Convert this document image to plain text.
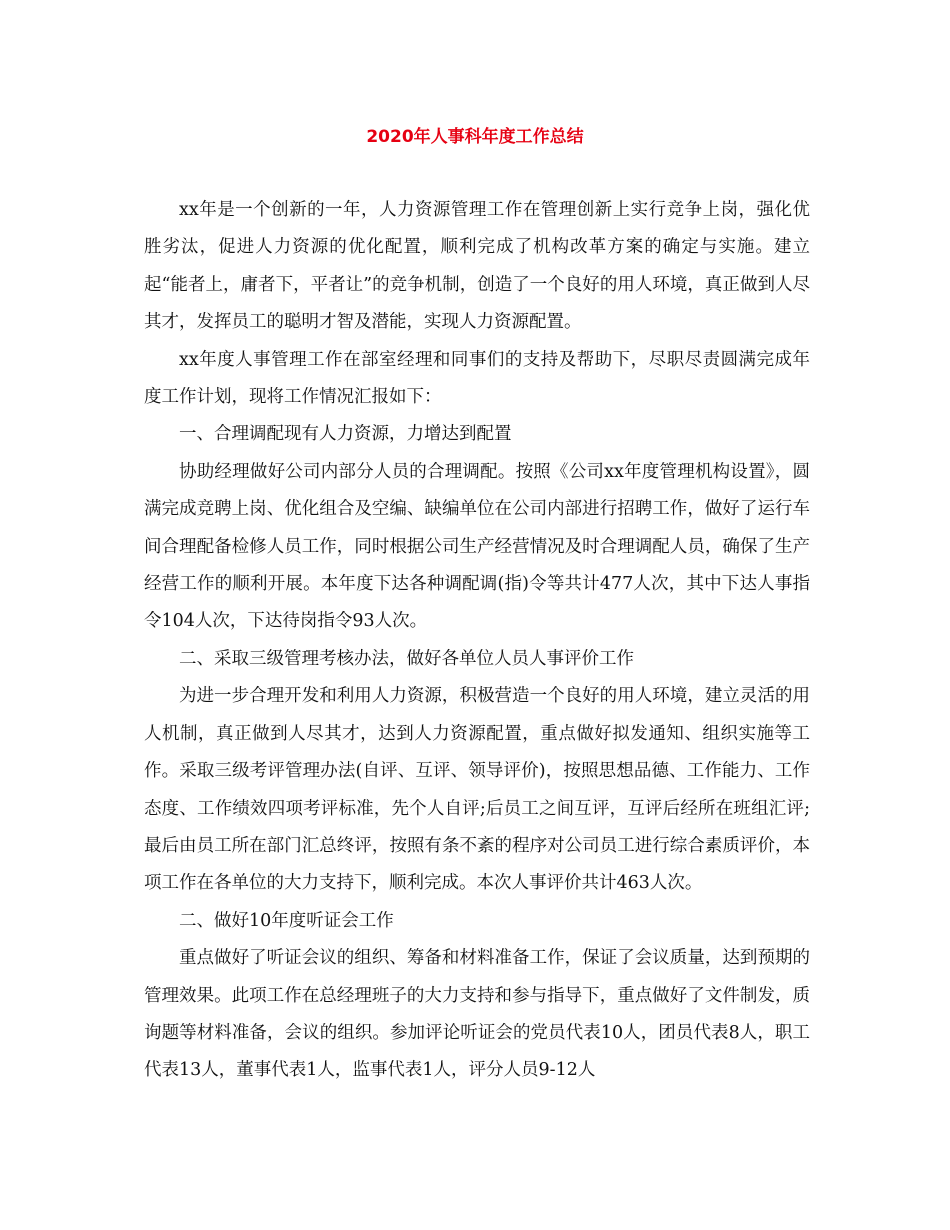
2020年人事科年度工作总结

xx年是一个创新的一年，人力资源管理工作在管理创新上实行竞争上岗，强化优胜劣汰，促进人力资源的优化配置，顺利完成了机构改革方案的确定与实施。建立起“能者上，庸者下，平者让”的竞争机制，创造了一个良好的用人环境，真正做到人尽其才，发挥员工的聪明才智及潜能，实现人力资源配置。

xx年度人事管理工作在部室经理和同事们的支持及帮助下，尽职尽责圆满完成年度工作计划，现将工作情况汇报如下：

一、合理调配现有人力资源，力增达到配置

协助经理做好公司内部分人员的合理调配。按照《公司xx年度管理机构设置》，圆满完成竞聘上岗、优化组合及空编、缺编单位在公司内部进行招聘工作，做好了运行车间合理配备检修人员工作，同时根据公司生产经营情况及时合理调配人员，确保了生产经营工作的顺利开展。本年度下达各种调配调(指)令等共计477人次，其中下达人事指令104人次，下达待岗指令93人次。

二、采取三级管理考核办法，做好各单位人员人事评价工作

为进一步合理开发和利用人力资源，积极营造一个良好的用人环境，建立灵活的用人机制，真正做到人尽其才，达到人力资源配置，重点做好拟发通知、组织实施等工作。采取三级考评管理办法(自评、互评、领导评价)，按照思想品德、工作能力、工作态度、工作绩效四项考评标准，先个人自评;后员工之间互评，互评后经所在班组汇评;最后由员工所在部门汇总终评，按照有条不紊的程序对公司员工进行综合素质评价，本项工作在各单位的大力支持下，顺利完成。本次人事评价共计463人次。

二、做好10年度听证会工作

重点做好了听证会议的组织、筹备和材料准备工作，保证了会议质量，达到预期的管理效果。此项工作在总经理班子的大力支持和参与指导下，重点做好了文件制发，质询题等材料准备，会议的组织。参加评论听证会的党员代表10人，团员代表8人，职工代表13人，董事代表1人，监事代表1人，评分人员9-12人
